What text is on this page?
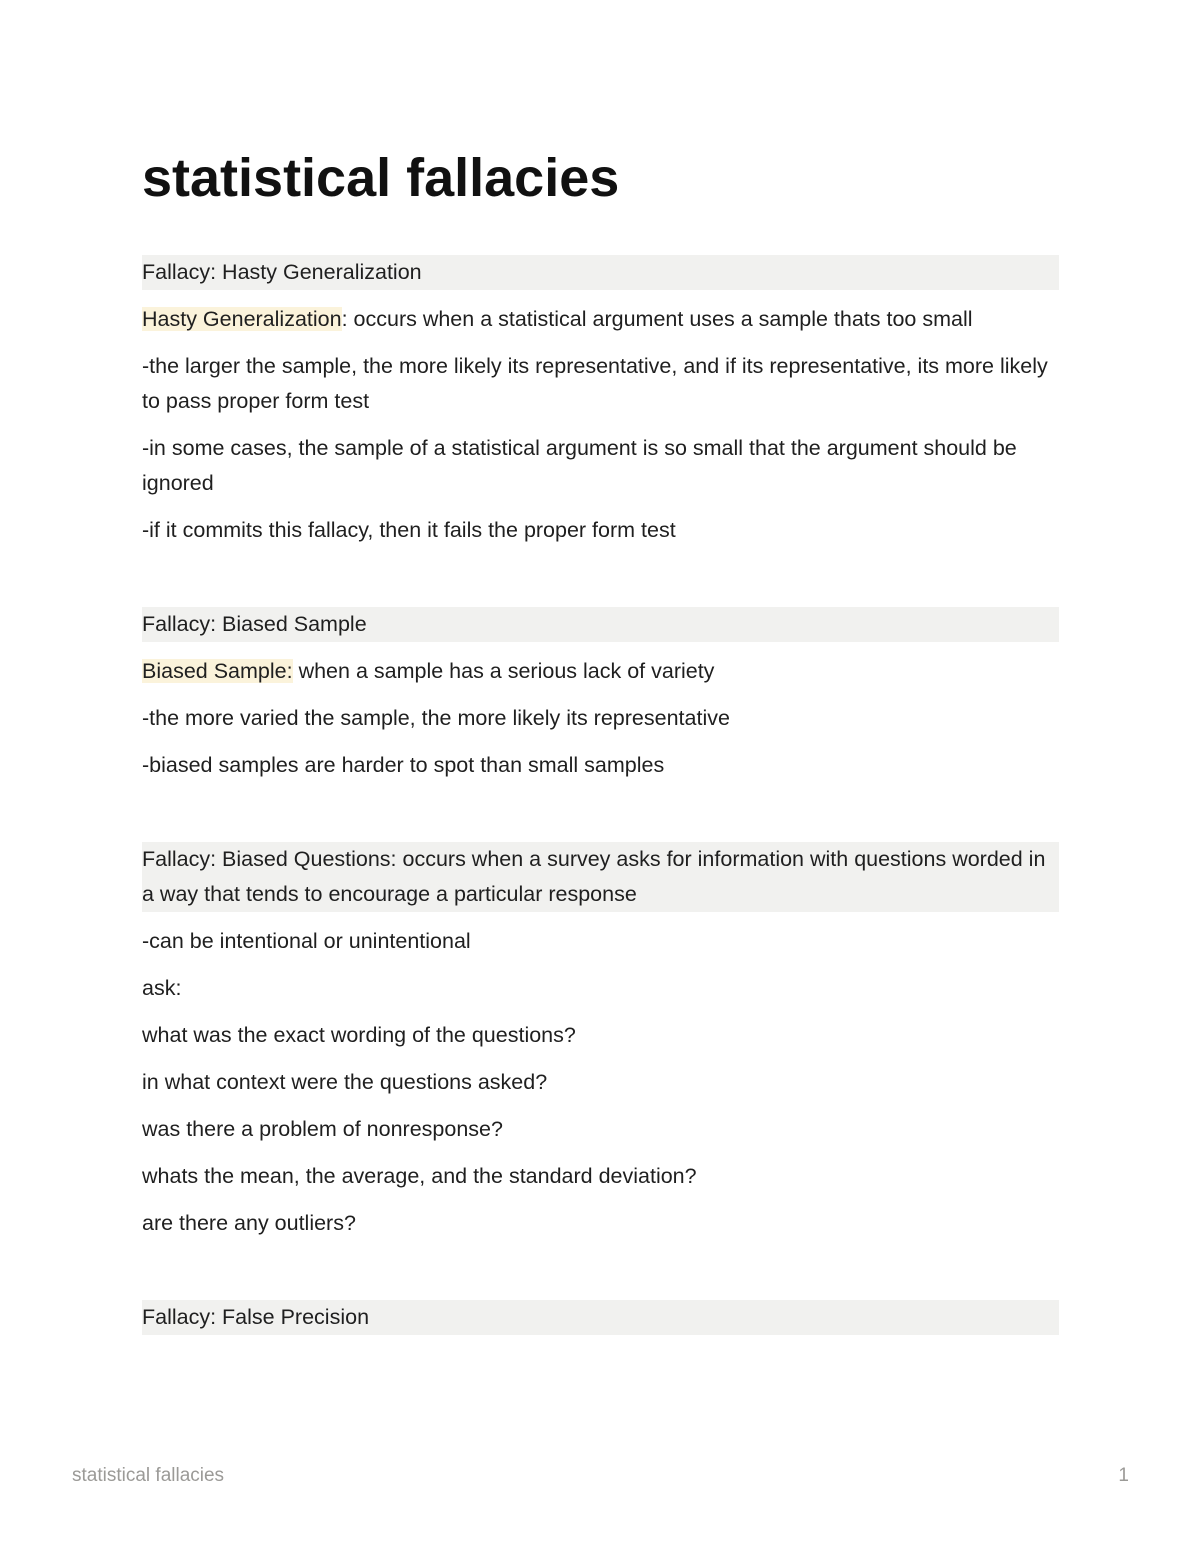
statistical fallacies
Fallacy: Hasty Generalization

Hasty Generalization: occurs when a statistical argument uses a sample thats too small

-the larger the sample, the more likely its representative, and if its representative, its more likely to pass proper form test

-in some cases, the sample of a statistical argument is so small that the argument should be ignored

-if it commits this fallacy, then it fails the proper form test

Fallacy: Biased Sample

Biased Sample: when a sample has a serious lack of variety

-the more varied the sample, the more likely its representative

-biased samples are harder to spot than small samples

Fallacy: Biased Questions: occurs when a survey asks for information with questions worded in a way that tends to encourage a particular response

-can be intentional or unintentional

ask:

what was the exact wording of the questions?

in what context were the questions asked?

was there a problem of nonresponse?

whats the mean, the average, and the standard deviation?

are there any outliers?

Fallacy: False Precision
statistical fallacies	1
